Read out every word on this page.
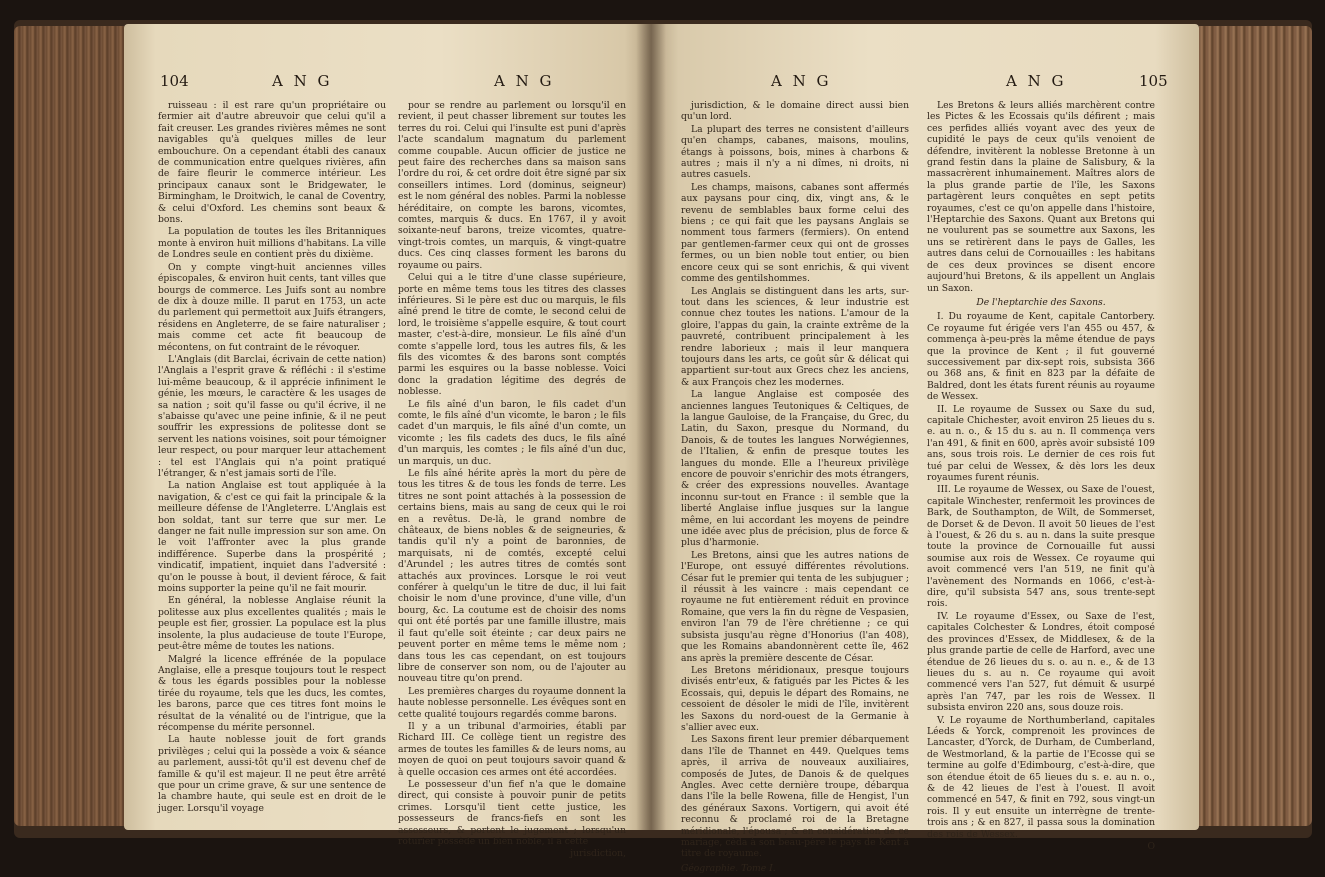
104	A N G	A N G

ruisseau : il est rare qu'un propriétaire ou fermier ait d'autre abreuvoir que celui qu'il a fait creuser. Les grandes rivières mêmes ne sont navigables qu'à quelques milles de leur embouchure. On a cependant établi des canaux de communication entre quelques rivières, afin de faire fleurir le commerce intérieur. Les principaux canaux sont le Bridgewater, le Birmingham, le Droitwich, le canal de Coventry, & celui d'Oxford. Les chemins sont beaux & bons.

La population de toutes les îles Britanniques monte à environ huit millions d'habitans. La ville de Londres seule en contient près du dixième.

On y compte vingt-huit anciennes villes épiscopales, & environ huit cents, tant villes que bourgs de commerce. Les Juifs sont au nombre de dix à douze mille. Il parut en 1753, un acte du parlement qui permettoit aux Juifs étrangers, résidens en Angleterre, de se faire naturaliser ; mais comme cet acte fit beaucoup de mécontens, on fut contraint de le révoquer.

L'Anglais (dit Barclai, écrivain de cette nation) l'Anglais a l'esprit grave & réfléchi : il s'estime lui-même beaucoup, & il apprécie infiniment le génie, les mœurs, le caractère & les usages de sa nation ; soit qu'il fasse ou qu'il écrive, il ne s'abaisse qu'avec une peine infinie, & il ne peut souffrir les expressions de politesse dont se servent les nations voisines, soit pour témoigner leur respect, ou pour marquer leur attachement : tel est l'Anglais qui n'a point pratiqué l'étranger, & n'est jamais sorti de l'île.

La nation Anglaise est tout appliquée à la navigation, & c'est ce qui fait la principale & la meilleure défense de l'Angleterre. L'Anglais est bon soldat, tant sur terre que sur mer. Le danger ne fait nulle impression sur son ame. On le voit l'affronter avec la plus grande indifférence. Superbe dans la prospérité ; vindicatif, impatient, inquiet dans l'adversité : qu'on le pousse à bout, il devient féroce, & fait moins supporter la peine qu'il ne fait mourir.

En général, la noblesse Anglaise réunit la politesse aux plus excellentes qualités ; mais le peuple est fier, grossier. La populace est la plus insolente, la plus audacieuse de toute l'Europe, peut-être même de toutes les nations.

Malgré la licence effrénée de la populace Anglaise, elle a presque toujours tout le respect & tous les égards possibles pour la noblesse tirée du royaume, tels que les ducs, les comtes, les barons, parce que ces titres font moins le résultat de la vénalité ou de l'intrigue, que la récompense du mérite personnel.

La haute noblesse jouit de fort grands privilèges ; celui qui la possède a voix & séance au parlement, aussi-tôt qu'il est devenu chef de famille & qu'il est majeur. Il ne peut être arrêté que pour un crime grave, & sur une sentence de la chambre haute, qui seule est en droit de le juger. Lorsqu'il voyage

pour se rendre au parlement ou lorsqu'il en revient, il peut chasser librement sur toutes les terres du roi. Celui qui l'insulte est puni d'après l'acte scandalum magnatum du parlement comme coupable. Aucun officier de justice ne peut faire des recherches dans sa maison sans l'ordre du roi, & cet ordre doit être signé par six conseillers intimes. Lord (dominus, seigneur) est le nom général des nobles. Parmi la noblesse héréditaire, on compte les barons, vicomtes, comtes, marquis & ducs. En 1767, il y avoit soixante-neuf barons, treize vicomtes, quatre-vingt-trois comtes, un marquis, & vingt-quatre ducs. Ces cinq classes forment les barons du royaume ou pairs.

Celui qui a le titre d'une classe supérieure, porte en même tems tous les titres des classes inférieures. Si le père est duc ou marquis, le fils aîné prend le titre de comte, le second celui de lord, le troisième s'appelle esquire, & tout court master, c'est-à-dire, monsieur. Le fils aîné d'un comte s'appelle lord, tous les autres fils, & les fils des vicomtes & des barons sont comptés parmi les esquires ou la basse noblesse. Voici donc la gradation légitime des degrés de noblesse.

Le fils aîné d'un baron, le fils cadet d'un comte, le fils aîné d'un vicomte, le baron ; le fils cadet d'un marquis, le fils aîné d'un comte, un vicomte ; les fils cadets des ducs, le fils aîné d'un marquis, les comtes ; le fils aîné d'un duc, un marquis, un duc.

Le fils aîné hérite après la mort du père de tous les titres & de tous les fonds de terre. Les titres ne sont point attachés à la possession de certains biens, mais au sang de ceux qui le roi en a revêtus. De-là, le grand nombre de châteaux, de biens nobles & de seigneuries, & tandis qu'il n'y a point de baronnies, de marquisats, ni de comtés, excepté celui d'Arundel ; les autres titres de comtés sont attachés aux provinces. Lorsque le roi veut conférer à quelqu'un le titre de duc, il lui fait choisir le nom d'une province, d'une ville, d'un bourg, &c. La coutume est de choisir des noms qui ont été portés par une famille illustre, mais il faut qu'elle soit éteinte ; car deux pairs ne peuvent porter en même tems le même nom ; dans tous les cas cependant, on est toujours libre de conserver son nom, ou de l'ajouter au nouveau titre qu'on prend.

Les premières charges du royaume donnent la haute noblesse personnelle. Les évêques sont en cette qualité toujours regardés comme barons.

Il y a un tribunal d'armoiries, établi par Richard III. Ce collège tient un registre des armes de toutes les familles & de leurs noms, au moyen de quoi on peut toujours savoir quand & à quelle occasion ces armes ont été accordées.

Le possesseur d'un fief n'a que le domaine direct, qui consiste à pouvoir punir de petits crimes. Lorsqu'il tient cette justice, les possesseurs de francs-fiefs en sont les assesseurs, & portent le jugement ; lorsqu'un roturier possède un bien noble, il a cette

jurisdiction,

A N G	A N G	105

jurisdiction, & le domaine direct aussi bien qu'un lord.

La plupart des terres ne consistent d'ailleurs qu'en champs, cabanes, maisons, moulins, étangs à poissons, bois, mines à charbons & autres ; mais il n'y a ni dîmes, ni droits, ni autres casuels.

Les champs, maisons, cabanes sont affermés aux paysans pour cinq, dix, vingt ans, & le revenu de semblables baux forme celui des biens ; ce qui fait que les paysans Anglais se nomment tous farmers (fermiers). On entend par gentlemen-farmer ceux qui ont de grosses fermes, ou un bien noble tout entier, ou bien encore ceux qui se sont enrichis, & qui vivent comme des gentilshommes.

Les Anglais se distinguent dans les arts, sur-tout dans les sciences, & leur industrie est connue chez toutes les nations. L'amour de la gloire, l'appas du gain, la crainte extrême de la pauvreté, contribuent principalement à les rendre laborieux ; mais il leur manquera toujours dans les arts, ce goût sûr & délicat qui appartient sur-tout aux Grecs chez les anciens, & aux François chez les modernes.

La langue Anglaise est composée des anciennes langues Teutoniques & Celtiques, de la langue Gauloise, de la Française, du Grec, du Latin, du Saxon, presque du Normand, du Danois, & de toutes les langues Norwégiennes, de l'Italien, & enfin de presque toutes les langues du monde. Elle a l'heureux privilège encore de pouvoir s'enrichir des mots étrangers, & créer des expressions nouvelles. Avantage inconnu sur-tout en France : il semble que la liberté Anglaise influe jusques sur la langue même, en lui accordant les moyens de peindre une idée avec plus de précision, plus de force & plus d'harmonie.

Les Bretons, ainsi que les autres nations de l'Europe, ont essuyé différentes révolutions. César fut le premier qui tenta de les subjuguer ; il réussit à les vaincre : mais cependant ce royaume ne fut entièrement réduit en province Romaine, que vers la fin du règne de Vespasien, environ l'an 79 de l'ère chrétienne ; ce qui subsista jusqu'au règne d'Honorius (l'an 408), que les Romains abandonnèrent cette île, 462 ans après la première descente de César.

Les Bretons méridionaux, presque toujours divisés entr'eux, & fatigués par les Pictes & les Ecossais, qui, depuis le départ des Romains, ne cessoient de désoler le midi de l'île, invitèrent les Saxons du nord-ouest de la Germanie à s'allier avec eux.

Les Saxons firent leur premier débarquement dans l'île de Thannet en 449. Quelques tems après, il arriva de nouveaux auxiliaires, composés de Jutes, de Danois & de quelques Angles. Avec cette dernière troupe, débarqua dans l'île la belle Rowena, fille de Hengist, l'un des généraux Saxons. Vortigern, qui avoit été reconnu & proclamé roi de la Bretagne méridionale, l'épousa ; & en considération de ce mariage, céda à son beau-père le pays de Kent à titre de royaume.

Géographie. Tome I.

Les Bretons & leurs alliés marchèrent contre les Pictes & les Ecossais qu'ils défirent ; mais ces perfides alliés voyant avec des yeux de cupidité le pays de ceux qu'ils venoient de défendre, invitèrent la noblesse Bretonne à un grand festin dans la plaine de Salisbury, & la massacrèrent inhumainement. Maîtres alors de la plus grande partie de l'île, les Saxons partagèrent leurs conquêtes en sept petits royaumes, c'est ce qu'on appelle dans l'histoire, l'Heptarchie des Saxons. Quant aux Bretons qui ne voulurent pas se soumettre aux Saxons, les uns se retirèrent dans le pays de Galles, les autres dans celui de Cornouailles : les habitans de ces deux provinces se disent encore aujourd'hui Bretons, & ils appellent un Anglais un Saxon.

De l'heptarchie des Saxons.

I. Du royaume de Kent, capitale Cantorbery. Ce royaume fut érigée vers l'an 455 ou 457, & commença à-peu-près la même étendue de pays que la province de Kent ; il fut gouverné successivement par dix-sept rois, subsista 366 ou 368 ans, & finit en 823 par la défaite de Baldred, dont les états furent réunis au royaume de Wessex.

II. Le royaume de Sussex ou Saxe du sud, capitale Chichester, avoit environ 25 lieues du s. e. au n. o., & 15 du s. au n. Il commença vers l'an 491, & finit en 600, après avoir subsisté 109 ans, sous trois rois. Le dernier de ces rois fut tué par celui de Wessex, & dès lors les deux royaumes furent réunis.

III. Le royaume de Wessex, ou Saxe de l'ouest, capitale Winchester, renfermoit les provinces de Bark, de Southampton, de Wilt, de Sommerset, de Dorset & de Devon. Il avoit 50 lieues de l'est à l'ouest, & 26 du s. au n. dans la suite presque toute la province de Cornouaille fut aussi soumise aux rois de Wessex. Ce royaume qui avoit commencé vers l'an 519, ne finit qu'à l'avènement des Normands en 1066, c'est-à-dire, qu'il subsista 547 ans, sous trente-sept rois.

IV. Le royaume d'Essex, ou Saxe de l'est, capitales Colchester & Londres, étoit composé des provinces d'Essex, de Middlesex, & de la plus grande partie de celle de Harford, avec une étendue de 26 lieues du s. o. au n. e., & de 13 lieues du s. au n. Ce royaume qui avoit commencé vers l'an 527, fut démuit & usurpé après l'an 747, par les rois de Wessex. Il subsista environ 220 ans, sous douze rois.

V. Le royaume de Northumberland, capitales Léeds & Yorck, comprenoit les provinces de Lancaster, d'Yorck, de Durham, de Cumberland, de Westmorland, & la partie de l'Ecosse qui se termine au golfe d'Edimbourg, c'est-à-dire, que son étendue étoit de 65 lieues du s. e. au n. o., & de 42 lieues de l'est à l'ouest. Il avoit commencé en 547, & finit en 792, sous vingt-un rois. Il y eut ensuite un interrègne de trente-trois ans ; & en 827, il passa sous la domination des rois de Wessex.

O
